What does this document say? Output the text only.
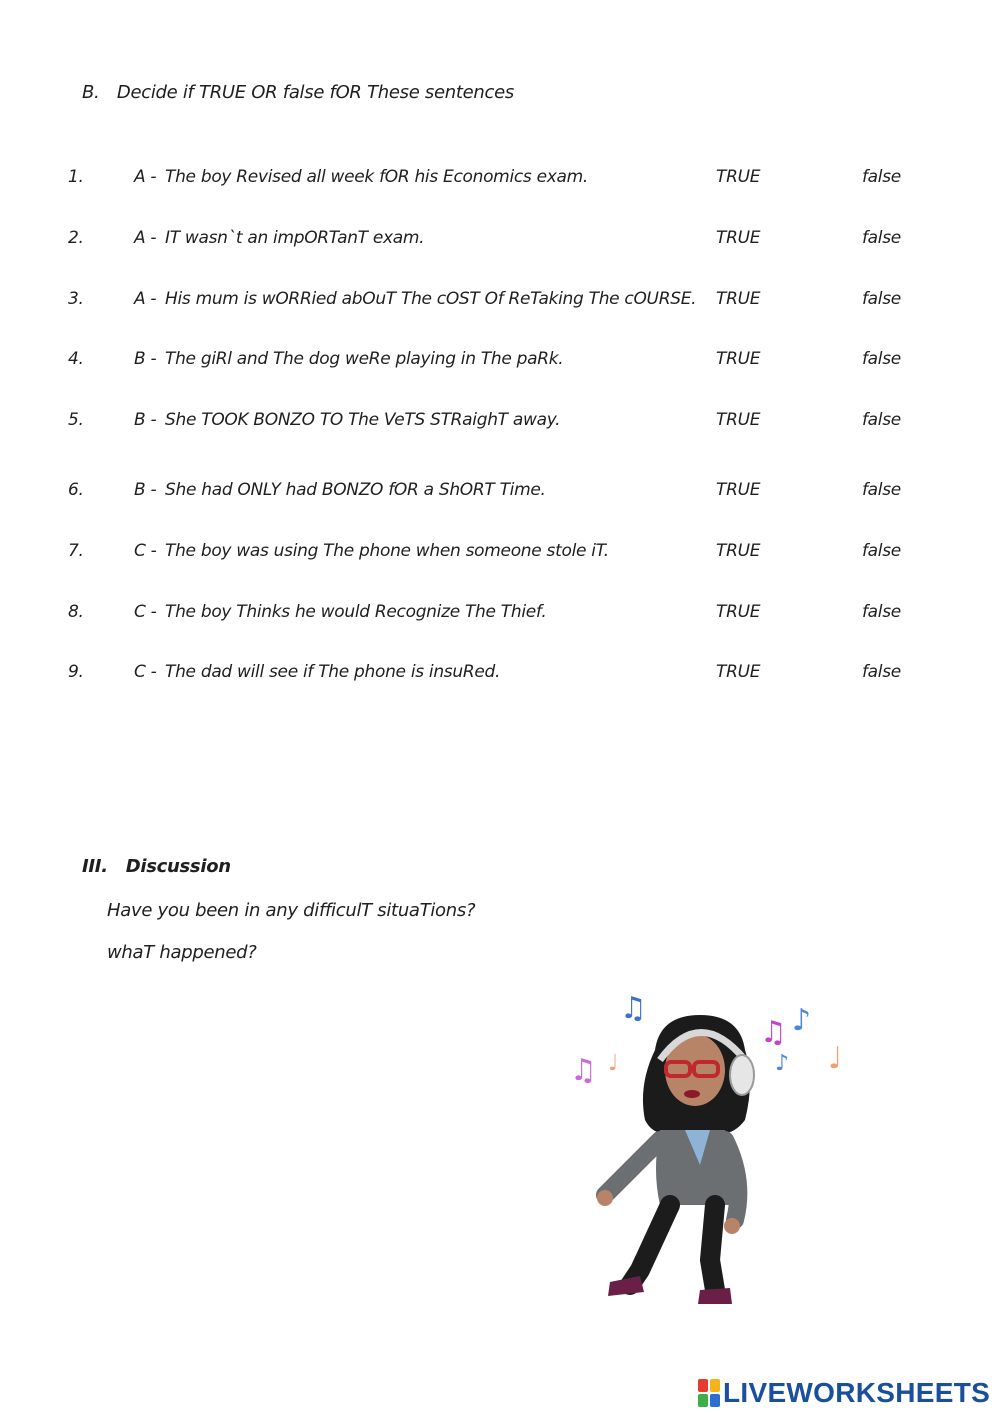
B. Decide if TRUE OR false fOR These sentences
1.	A - The boy Revised all week fOR his Economics exam.	TRUE	false
2.	A - IT wasn`t an impORTanT exam.	TRUE	false
3.	A - His mum is wORRied abOuT The cOST Of ReTaking The cOURSE. TRUE	false
4.	B - The giRl and The dog weRe playing in The paRk.	TRUE	false
5.	B - She TOOK BONZO TO The VeTS STRaighT away.	TRUE	false
6.	B - She had ONLY had BONZO fOR a ShORT Time.	TRUE	false
7.	C - The boy was using The phone when someone stole iT.	TRUE	false
8.	C - The boy Thinks he would Recognize The Thief.	TRUE	false
9.	C - The dad will see if The phone is insuRed.	TRUE	false
III. Discussion
Have you been in any difficulT situaTions?
whaT happened?
♫
♫
♫ ♪
♪ ♩
♩
LIVEWORKSHEETS
